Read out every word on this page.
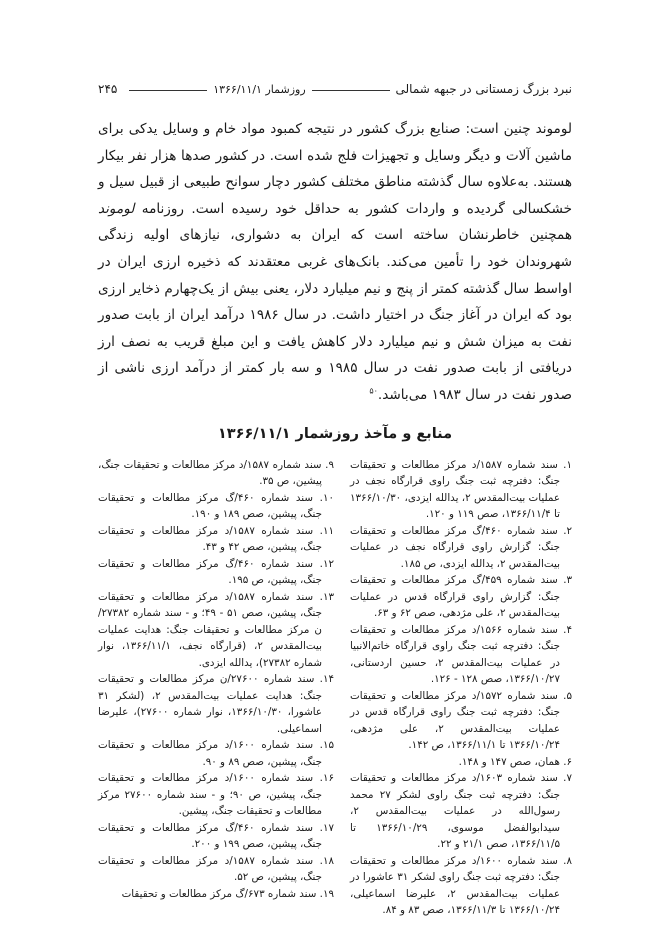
نبرد بزرگ زمستانی در جبهه شمالی
روزشمار ۱۳۶۶/۱۱/۱
۲۴۵
لوموند چنین است: صنایع بزرگ کشور در نتیجه کمبود مواد خام و وسایل یدکی برای ماشین آلات و دیگر وسایل و تجهیزات فلج شده است. در کشور صدها هزار نفر بیکار هستند. به‌علاوه سال گذشته مناطق مختلف کشور دچار سوانح طبیعی از قبیل سیل و خشکسالی گردیده و واردات کشور به حداقل خود رسیده است. روزنامه لوموند همچنین خاطرنشان ساخته است که ایران به دشواری، نیازهای اولیه زندگی شهروندان خود را تأمین می‌کند. بانک‌های غربی معتقدند که ذخیره ارزی ایران در اواسط سال گذشته کمتر از پنج و نیم میلیارد دلار، یعنی بیش از یک‌چهارم ذخایر ارزی بود که ایران در آغاز جنگ در اختیار داشت. در سال ۱۹۸۶ درآمد ایران از بابت صدور نفت به میزان شش و نیم میلیارد دلار کاهش یافت و این مبلغ قریب به نصف ارز دریافتی از بابت صدور نفت در سال ۱۹۸۵ و سه بار کمتر از درآمد ارزی ناشی از صدور نفت در سال ۱۹۸۳ می‌باشد.$^{۵۰}$
منابع و مآخذ روزشمار ۱۳۶۶/۱۱/۱
۱. سند شماره ۱۵۸۷/د مرکز مطالعات و تحقیقات جنگ: دفترچه ثبت جنگ راوی قرارگاه نجف در عملیات بیت‌المقدس ۲، یدالله ایزدی، ۱۳۶۶/۱۰/۳۰ تا ۱۳۶۶/۱۱/۴، صص ۱۱۹ و ۱۲۰.
۲. سند شماره ۴۶۰/گ مرکز مطالعات و تحقیقات جنگ: گزارش راوی قرارگاه نجف در عملیات بیت‌المقدس ۲، یدالله ایزدی، ص ۱۸۵.
۳. سند شماره ۴۵۹/گ مرکز مطالعات و تحقیقات جنگ: گزارش راوی قرارگاه قدس در عملیات بیت‌المقدس ۲، علی مژدهی، صص ۶۲ و ۶۳.
۴. سند شماره ۱۵۶۶/د مرکز مطالعات و تحقیقات جنگ: دفترچه ثبت جنگ راوی قرارگاه خاتم‌الانبیا در عملیات بیت‌المقدس ۲، حسین اردستانی، ۱۳۶۶/۱۰/۲۷، صص ۱۲۸ - ۱۲۶.
۵. سند شماره ۱۵۷۲/د مرکز مطالعات و تحقیقات جنگ: دفترچه ثبت جنگ راوی قرارگاه قدس در عملیات بیت‌المقدس ۲، علی مژدهی، ۱۳۶۶/۱۰/۲۴ تا ۱۳۶۶/۱۱/۱، ص ۱۴۲.
۶. همان، صص ۱۴۷ و ۱۴۸.
۷. سند شماره ۱۶۰۳/د مرکز مطالعات و تحقیقات جنگ: دفترچه ثبت جنگ راوی لشکر ۲۷ محمد رسول‌الله در عملیات بیت‌المقدس ۲، سیدابوالفضل موسوی، ۱۳۶۶/۱۰/۲۹ تا ۱۳۶۶/۱۱/۵، صص ۲۱/۱ و ۲۲.
۸. سند شماره ۱۶۰۰/د مرکز مطالعات و تحقیقات جنگ: دفترچه ثبت جنگ راوی لشکر ۳۱ عاشورا در عملیات بیت‌المقدس ۲، علیرضا اسماعیلی، ۱۳۶۶/۱۰/۲۴ تا ۱۳۶۶/۱۱/۳، صص ۸۳ و ۸۴.
۹. سند شماره ۱۵۸۷/د مرکز مطالعات و تحقیقات جنگ، پیشین، ص ۳۵.
۱۰. سند شماره ۴۶۰/گ مرکز مطالعات و تحقیقات جنگ، پیشین، صص ۱۸۹ و ۱۹۰.
۱۱. سند شماره ۱۵۸۷/د مرکز مطالعات و تحقیقات جنگ، پیشین، صص ۴۲ و ۴۳.
۱۲. سند شماره ۴۶۰/گ مرکز مطالعات و تحقیقات جنگ، پیشین، ص ۱۹۵.
۱۳. سند شماره ۱۵۸۷/د مرکز مطالعات و تحقیقات جنگ، پیشین، صص ۵۱ - ۴۹؛ و - سند شماره ۲۷۳۸۲/ن مرکز مطالعات و تحقیقات جنگ: هدایت عملیات بیت‌المقدس ۲، (قرارگاه نجف، ۱۳۶۶/۱۱/۱، نوار شماره ۲۷۳۸۲)، یدالله ایزدی.
۱۴. سند شماره ۲۷۶۰۰/ن مرکز مطالعات و تحقیقات جنگ: هدایت عملیات بیت‌المقدس ۲، (لشکر ۳۱ عاشورا، ۱۳۶۶/۱۰/۳۰، نوار شماره ۲۷۶۰۰)، علیرضا اسماعیلی.
۱۵. سند شماره ۱۶۰۰/د مرکز مطالعات و تحقیقات جنگ، پیشین، صص ۸۹ و ۹۰.
۱۶. سند شماره ۱۶۰۰/د مرکز مطالعات و تحقیقات جنگ، پیشین، ص ۹۰؛ و - سند شماره ۲۷۶۰۰ مرکز مطالعات و تحقیقات جنگ، پیشین.
۱۷. سند شماره ۴۶۰/گ مرکز مطالعات و تحقیقات جنگ، پیشین، صص ۱۹۹ و ۲۰۰.
۱۸. سند شماره ۱۵۸۷/د مرکز مطالعات و تحقیقات جنگ، پیشین، ص ۵۲.
۱۹. سند شماره ۶۷۳/گ مرکز مطالعات و تحقیقات
